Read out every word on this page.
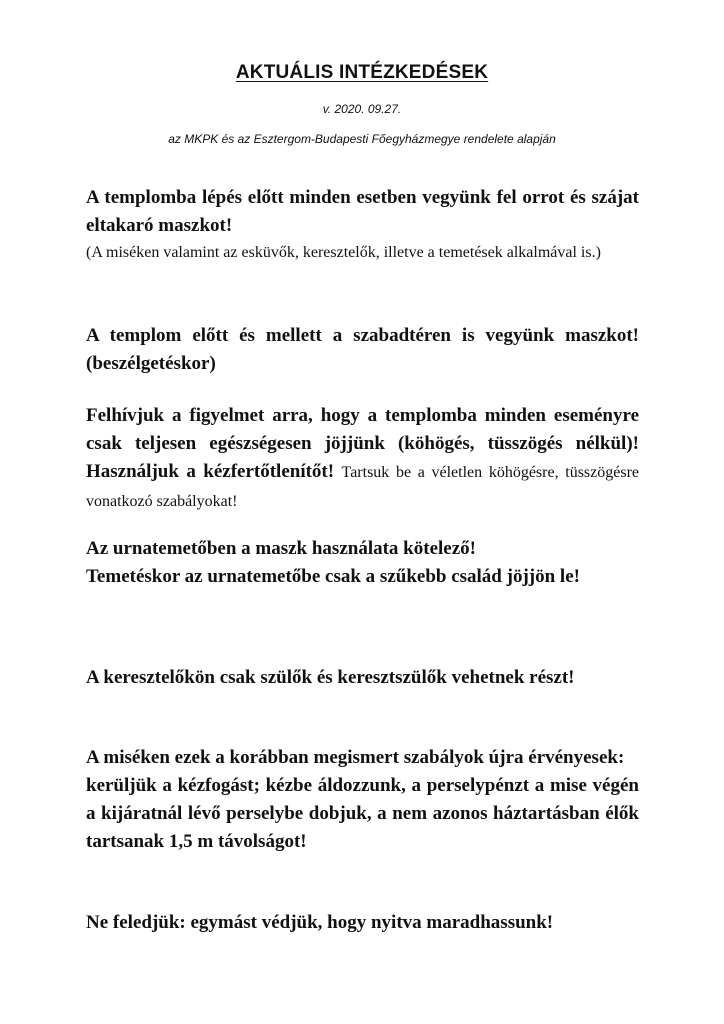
AKTUÁLIS INTÉZKEDÉSEK
v. 2020. 09.27.
az MKPK és az Esztergom-Budapesti Főegyházmegye rendelete alapján
A templomba lépés előtt minden esetben vegyünk fel orrot és szájat eltakaró maszkot!
(A miséken valamint az esküvők, keresztelők, illetve a temetések alkalmával is.)
A templom előtt és mellett a szabadtéren is vegyünk maszkot! (beszélgetéskor)
Felhívjuk a figyelmet arra, hogy a templomba minden eseményre csak teljesen egészségesen jöjjünk (köhögés, tüsszögés nélkül)! Használjuk a kézfertőtlenítőt! Tartsuk be a véletlen köhögésre, tüsszögésre vonatkozó szabályokat!
Az urnatemetőben a maszk használata kötelező!
Temetéskor az urnatemetőbe csak a szűkebb család jöjjön le!
A keresztelőkön csak szülők és keresztszülők vehetnek részt!
A miséken ezek a korábban megismert szabályok újra érvényesek:
kerüljük a kézfogást; kézbe áldozzunk, a perselypénzt a mise végén a kijáratnál lévő perselybe dobjuk, a nem azonos háztartásban élők tartsanak 1,5 m távolságot!
Ne feledjük: egymást védjük, hogy nyitva maradhassunk!
